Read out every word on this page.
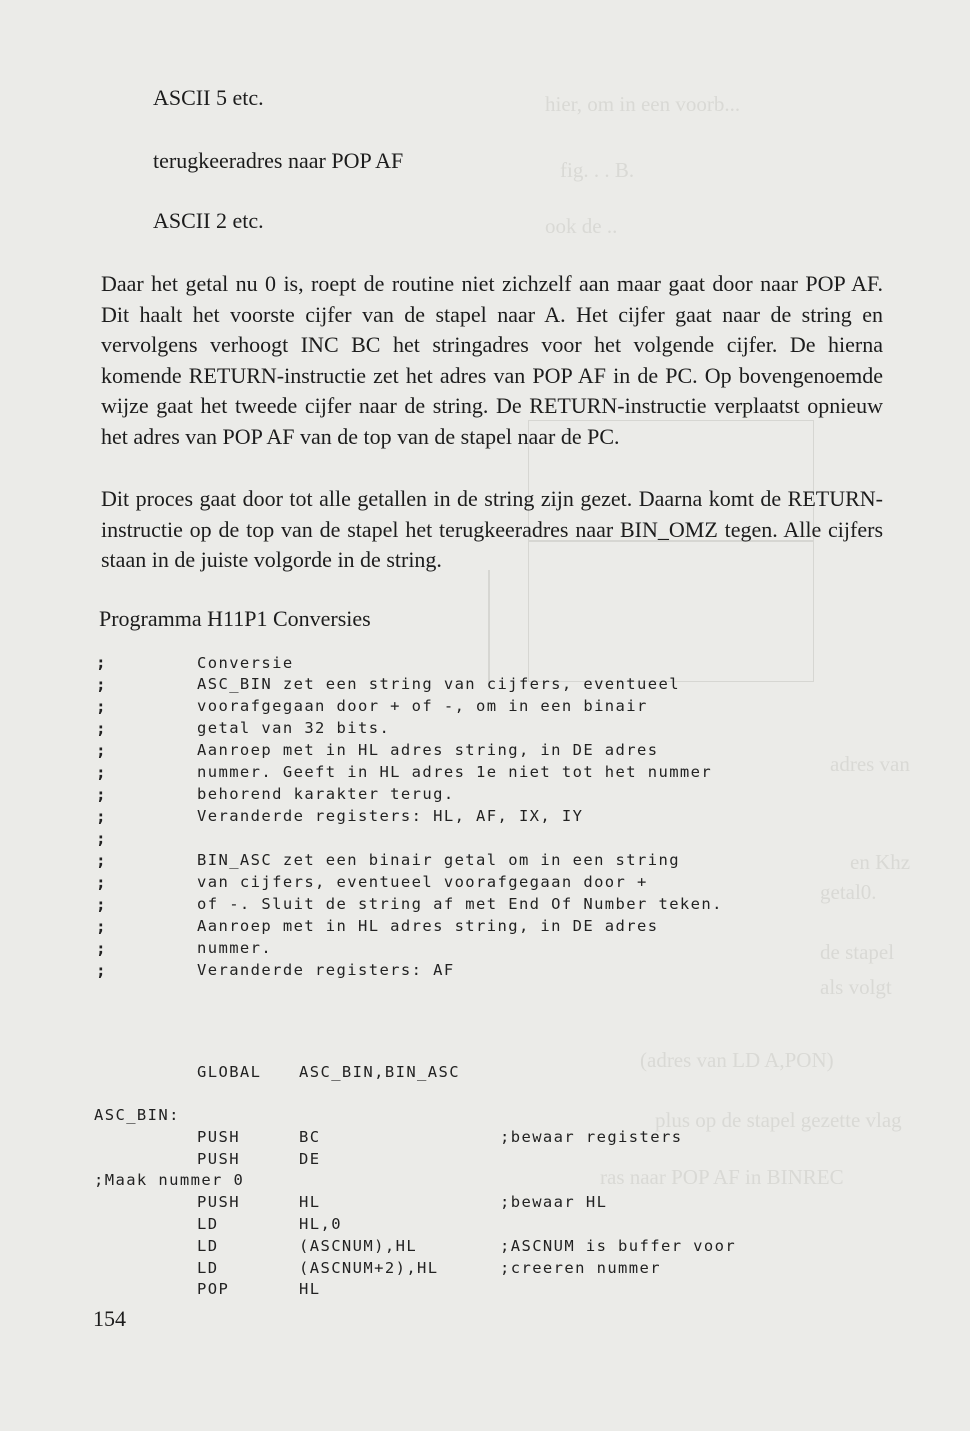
hier, om in een voorb...
fig. . . B.
ook de ..
adres van
en Khz
getal0.
de stapel
als volgt
(adres van LD A,PON)
plus op de stapel gezette vlag
ras naar POP AF in BINREC
ASCII 5 etc.
terugkeeradres naar POP AF
ASCII 2 etc.

Daar het getal nu 0 is, roept de routine niet zichzelf aan maar gaat door naar POP AF. Dit haalt het voorste cijfer van de stapel naar A. Het cijfer gaat naar de string en vervolgens verhoogt INC BC het stringadres voor het volgende cijfer. De hierna komende RETURN-instructie zet het adres van POP AF in de PC. Op bovengenoemde wijze gaat het tweede cijfer naar de string. De RETURN-instructie verplaatst opnieuw het adres van POP AF van de top van de stapel naar de PC.

Dit proces gaat door tot alle getallen in de string zijn gezet. Daarna komt de RETURN-instructie op de top van de stapel het terugkeeradres naar BIN_OMZ tegen. Alle cijfers staan in de juiste volgorde in de string.

Programma H11P1 Conversies
;
;
;
;
;
;
;
;
;
;
;
;
;
;
;
Conversie
ASC_BIN zet een string van cijfers, eventueel
voorafgegaan door + of -, om in een binair
getal van 32 bits.
Aanroep met in HL adres string, in DE adres
nummer. Geeft in HL adres 1e niet tot het nummer
behorend karakter terug.
Veranderde registers: HL, AF, IX, IY
BIN_ASC zet een binair getal om in een string
van cijfers, eventueel voorafgegaan door +
of -. Sluit de string af met End Of Number teken.
Aanroep met in HL adres string, in DE adres
nummer.
Veranderde registers: AF
GLOBAL ASC_BIN,BIN_ASC
ASC_BIN:
PUSH	BC	;bewaar registers
PUSH	DE
;Maak nummer 0
PUSH	HL	;bewaar HL
LD	HL,0
LD	(ASCNUM),HL	;ASCNUM is buffer voor
LD	(ASCNUM+2),HL	;creeren nummer
POP	HL
154
